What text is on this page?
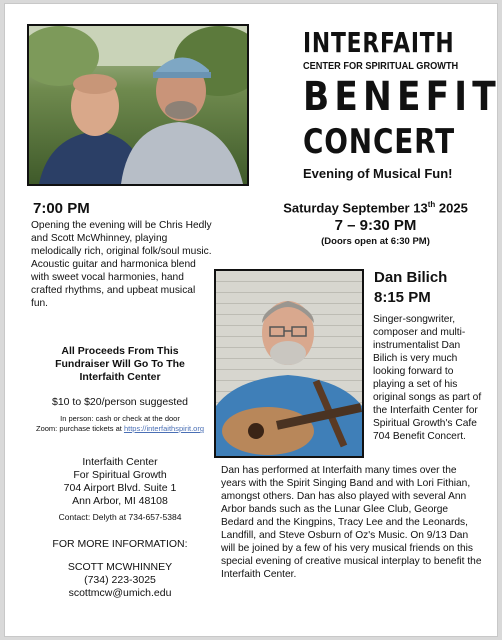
INTERFAITH
CENTER FOR SPIRITUAL GROWTH
BENEFIT
CONCERT
Evening of Musical Fun!
Saturday September 13th 2025
7 – 9:30 PM
(Doors open at 6:30 PM)
7:00 PM
Opening the evening will be Chris Hedly and Scott McWhinney, playing melodically rich, original folk/soul music. Acoustic guitar and harmonica blend with sweet vocal harmonies, hand crafted rhythms, and upbeat musical fun.
Dan Bilich
8:15 PM
Singer-songwriter, composer and multi-instrumentalist Dan Bilich is very much looking forward to playing a set of his original songs as part of the Interfaith Center for Spiritual Growth's Cafe 704 Benefit Concert.
Dan has performed at Interfaith many times over the years with the Spirit Singing Band and with Lori Fithian, amongst others. Dan has also played with several Ann Arbor bands such as the Lunar Glee Club, George Bedard and the Kingpins, Tracy Lee and the Leonards, Landfill, and Steve Osburn of Oz's Music. On 9/13 Dan will be joined by a few of his very musical friends on this special evening of creative musical interplay to benefit the Interfaith Center.
All Proceeds From This Fundraiser Will Go To The Interfaith Center
$10 to $20/person suggested
In person: cash or check at the door
Zoom: purchase tickets at https://interfaithspirit.org
Interfaith Center
For Spiritual Growth
704 Airport Blvd. Suite 1
Ann Arbor, MI 48108
Contact: Delyth at 734-657-5384
FOR MORE INFORMATION:
SCOTT MCWHINNEY
(734) 223-3025
scottmcw@umich.edu
